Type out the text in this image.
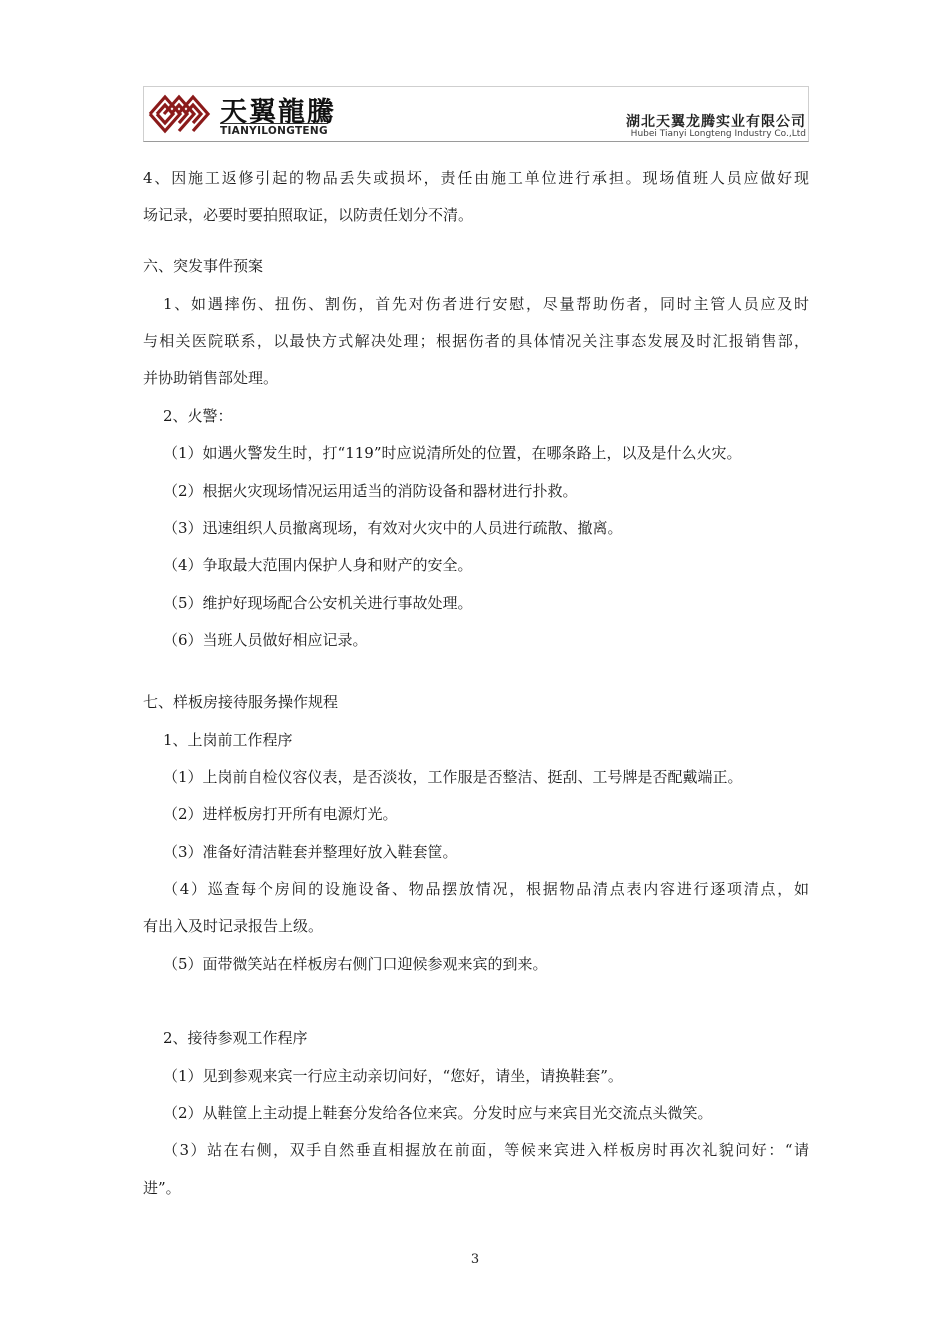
天翼龍騰
TIANYILONGTENG
湖北天翼龙腾实业有限公司
Hubei Tianyi Longteng Industry Co.,Ltd
4、因施工返修引起的物品丢失或损坏，责任由施工单位进行承担。现场值班人员应做好现
场记录，必要时要拍照取证，以防责任划分不清。
六、突发事件预案
1、如遇摔伤、扭伤、割伤，首先对伤者进行安慰，尽量帮助伤者，同时主管人员应及时
与相关医院联系，以最快方式解决处理；根据伤者的具体情况关注事态发展及时汇报销售部，
并协助销售部处理。
2、火警：
（1）如遇火警发生时，打“119”时应说清所处的位置，在哪条路上，以及是什么火灾。
（2）根据火灾现场情况运用适当的消防设备和器材进行扑救。
（3）迅速组织人员撤离现场，有效对火灾中的人员进行疏散、撤离。
（4）争取最大范围内保护人身和财产的安全。
（5）维护好现场配合公安机关进行事故处理。
（6）当班人员做好相应记录。
七、样板房接待服务操作规程
1、上岗前工作程序
（1）上岗前自检仪容仪表，是否淡妆，工作服是否整洁、挺刮、工号牌是否配戴端正。
（2）进样板房打开所有电源灯光。
（3）准备好清洁鞋套并整理好放入鞋套筐。
（4）巡查每个房间的设施设备、物品摆放情况，根据物品清点表内容进行逐项清点，如
有出入及时记录报告上级。
（5）面带微笑站在样板房右侧门口迎候参观来宾的到来。
2、接待参观工作程序
（1）见到参观来宾一行应主动亲切问好，“您好，请坐，请换鞋套”。
（2）从鞋筐上主动提上鞋套分发给各位来宾。分发时应与来宾目光交流点头微笑。
（3）站在右侧，双手自然垂直相握放在前面，等候来宾进入样板房时再次礼貌问好：“请
进”。
3
